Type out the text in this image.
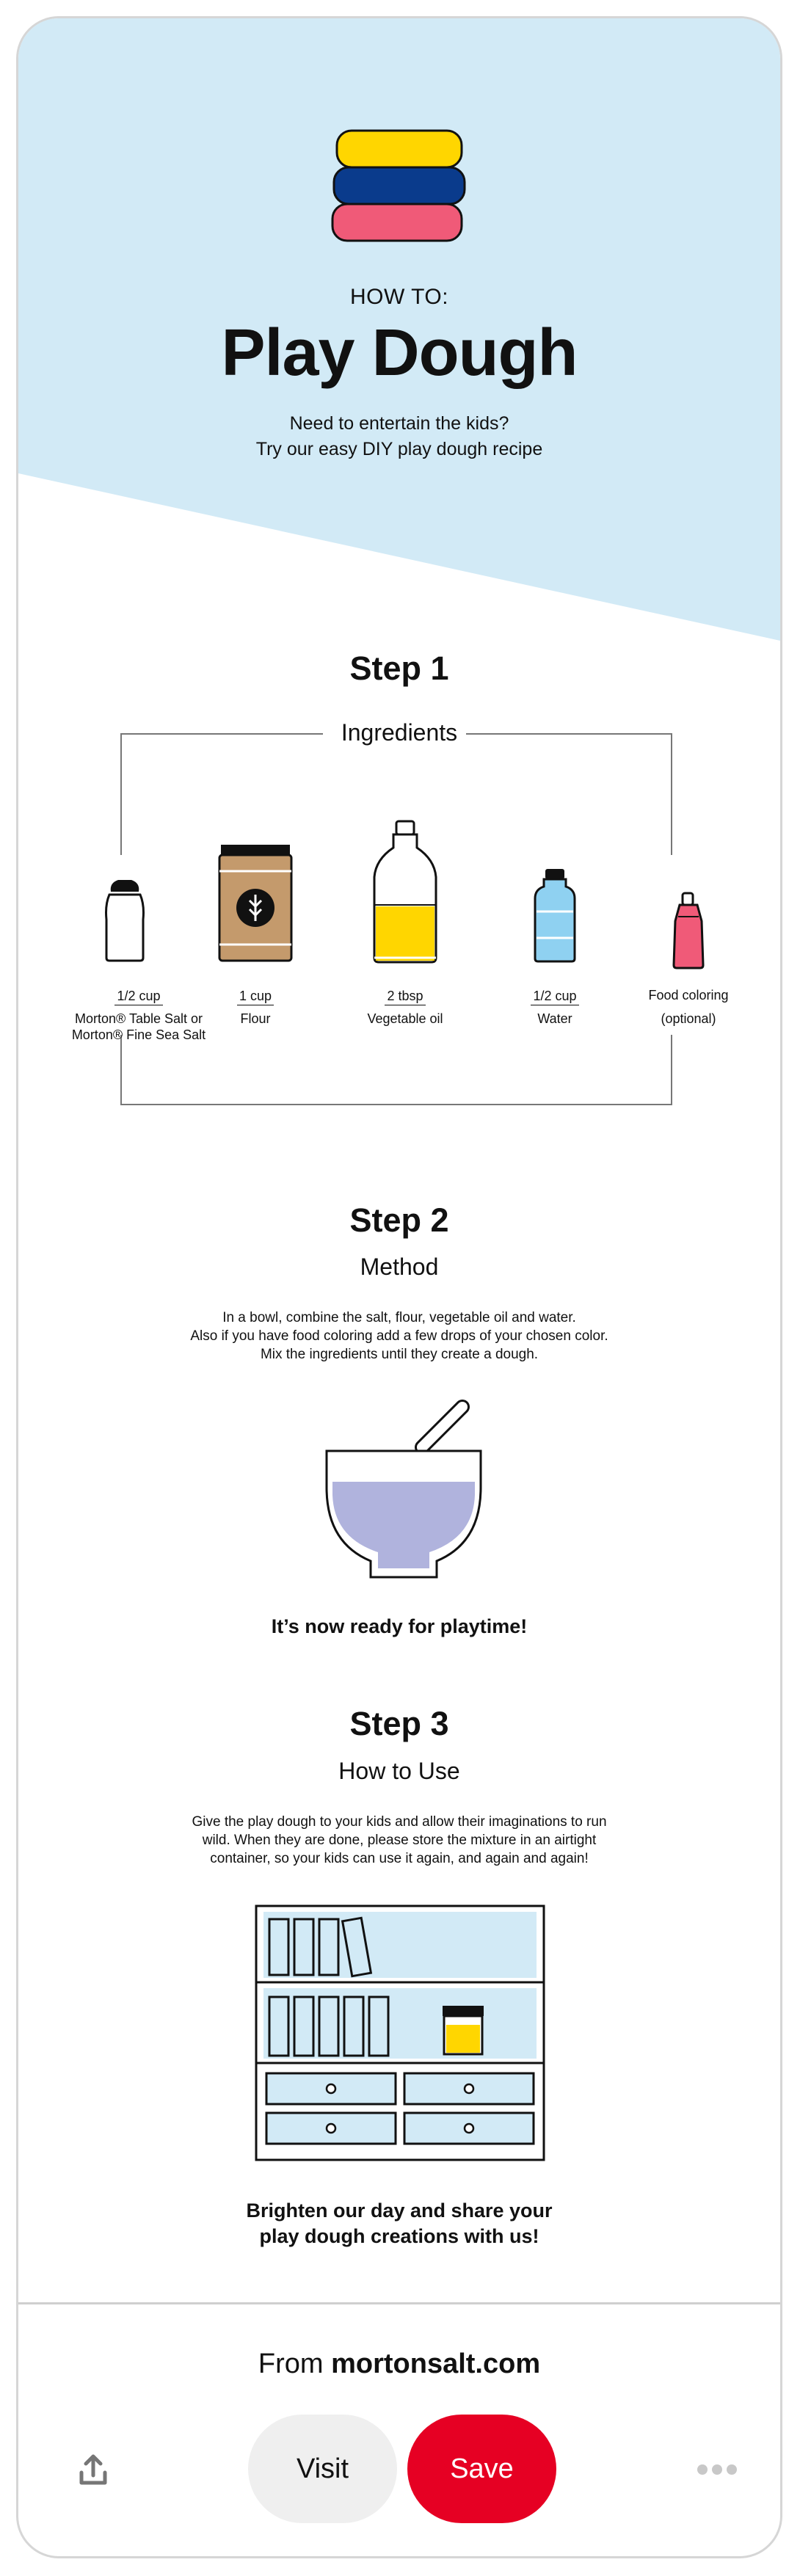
HOW TO:
Play Dough
Need to entertain the kids?
Try our easy DIY play dough recipe
Step 1
Ingredients
1/2 cup
Morton® Table Salt or
Morton® Fine Sea Salt
1 cup
Flour
2 tbsp
Vegetable oil
1/2 cup
Water
Food coloring
(optional)
Step 2
Method
In a bowl, combine the salt, flour, vegetable oil and water.
Also if you have food coloring add a few drops of your chosen color.
Mix the ingredients until they create a dough.
It’s now ready for playtime!
Step 3
How to Use
Give the play dough to your kids and allow their imaginations to run
wild. When they are done, please store the mixture in an airtight
container, so your kids can use it again, and again and again!
Brighten our day and share your
play dough creations with us!
From mortonsalt.com
Visit	Save
